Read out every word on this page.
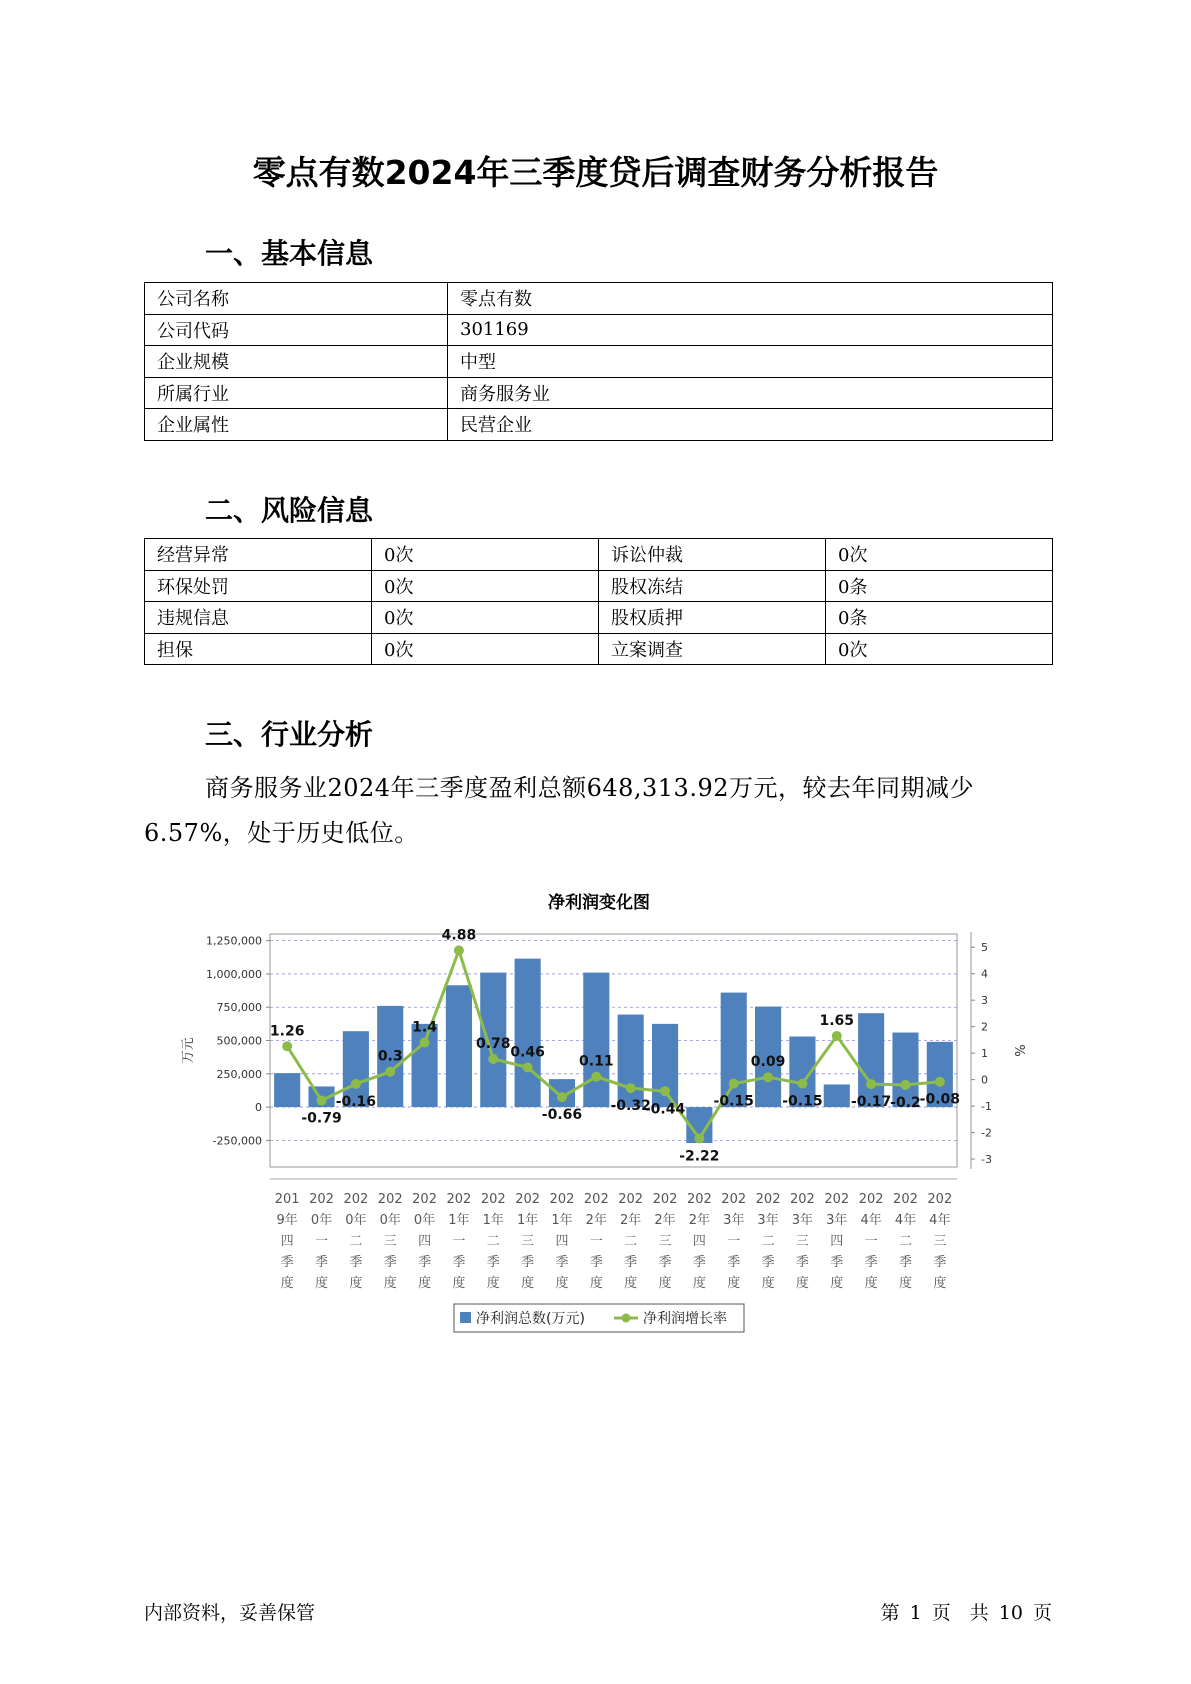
零点有数2024年三季度贷后调查财务分析报告
一、基本信息
公司名称	零点有数
公司代码	301169
企业规模	中型
所属行业	商务服务业
企业属性	民营企业
二、风险信息
经营异常	0次	诉讼仲裁	0次
环保处罚	0次	股权冻结	0条
违规信息	0次	股权质押	0条
担保	0次	立案调查	0次
三、行业分析
商务服务业2024年三季度盈利总额648,313.92万元，较去年同期减少6.57%，处于历史低位。
净利润变化图
1,250,000
1,000,000
750,000
500,000
250,000
0
-250,000
5
4
3
2
1
0
-1
-2
-3
万元	%
1.26
-0.79
-0.16
0.3
1.4
4.88
0.78
0.46
-0.66
0.11
-0.32
-0.44
-2.22
-0.15
0.09
-0.15
1.65
-0.17
-0.2
-0.08
201
9年
四
季
度
202
0年
一
季
度
202
0年
二
季
度
202
0年
三
季
度
202
0年
四
季
度
202
1年
一
季
度
202
1年
二
季
度
202
1年
三
季
度
202
1年
四
季
度
202
2年
一
季
度
202
2年
二
季
度
202
2年
三
季
度
202
2年
四
季
度
202
3年
一
季
度
202
3年
二
季
度
202
3年
三
季
度
202
3年
四
季
度
202
4年
一
季
度
202
4年
二
季
度
202
4年
三
季
度
净利润总数(万元)	净利润增长率
内部资料，妥善保管	第 1 页　共 10 页
